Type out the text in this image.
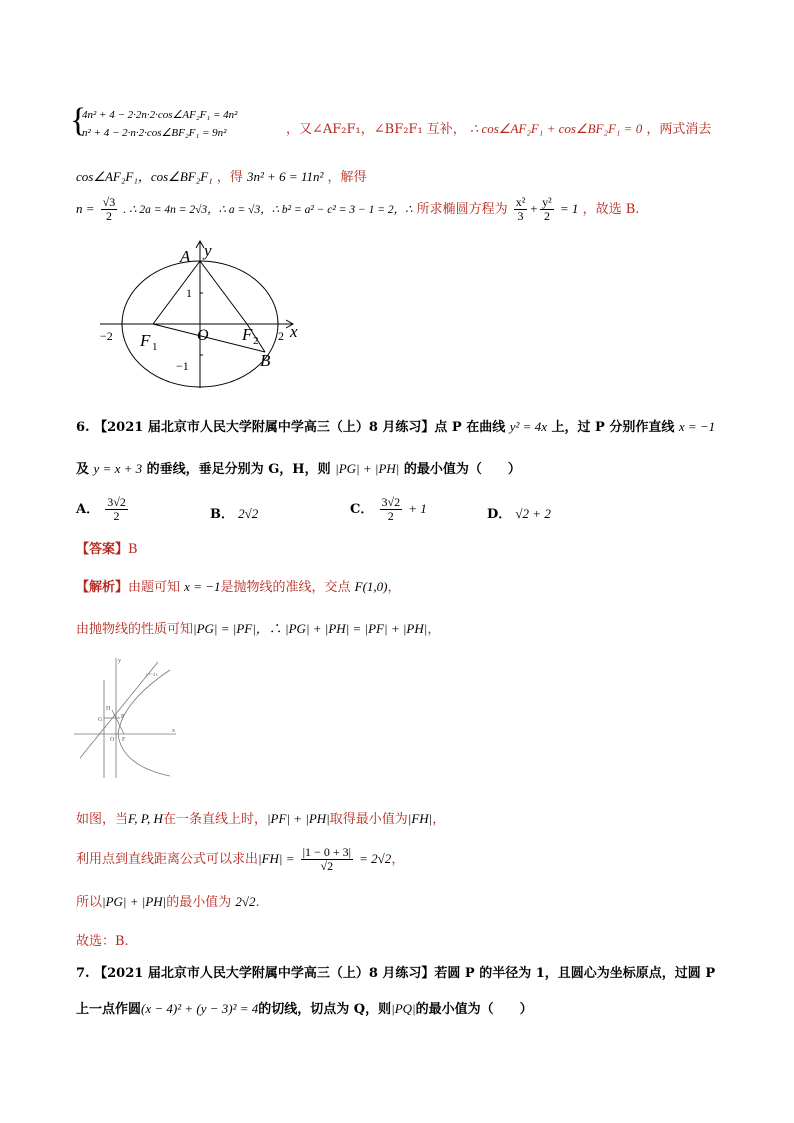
{
4n² + 4 − 2·2n·2·cos∠AF₂F₁ = 4n²
n² + 4 − 2·n·2·cos∠BF₂F₁ = 9n²	，又∠AF₂F₁，∠BF₂F₁ 互补， ∴ cos∠AF₂F₁ + cos∠BF₂F₁ = 0 ，两式消去
cos∠AF₂F₁，cos∠BF₂F₁ ，得 3n² + 6 = 11n² ，解得
$n = \frac{√3}{2}$ . ∴ 2a = 4n = 2√3，∴ a = √3，∴ b² = a² − c² = 3 − 1 = 2，∴ 所求椭圆方程为 $\frac{\text{x²}}{3} + \frac{\text{y²}}{2} = 1$ ，故选 B.
A y
x
O
F 1
F 2
B
−2	2
1
−1
6. 【2021 届北京市人民大学附属中学高三（上）8 月练习】点 P 在曲线 y² = 4x 上，过 P 分别作直线 x = −1
及 y = x + 3 的垂线，垂足分别为 G，H，则 |PG| + |PH| 的最小值为（　　）
A． $\frac{3√2}{2}$	B． 2√2	C． $\frac{3√2}{2} + 1$	D． √2 + 2
【答案】B
【解析】由题可知 x = −1是抛物线的准线，交点 F(1,0)，
由抛物线的性质可知|PG| = |PF|，∴ |PG| + |PH| = |PF| + |PH|，
y
x
y²=4x
H
P
G
O F
如图，当F, P, H在一条直线上时，|PF| + |PH|取得最小值为|FH|，
利用点到直线距离公式可以求出$|FH| = \frac{|1 - 0 + 3|}{√2} = 2√2$，
所以|PG| + |PH|的最小值为 2√2.
故选：B.
7. 【2021 届北京市人民大学附属中学高三（上）8 月练习】若圆 P 的半径为 1，且圆心为坐标原点，过圆 P
上一点作圆(x − 4)² + (y − 3)² = 4的切线，切点为 Q，则|PQ|的最小值为（　　）
